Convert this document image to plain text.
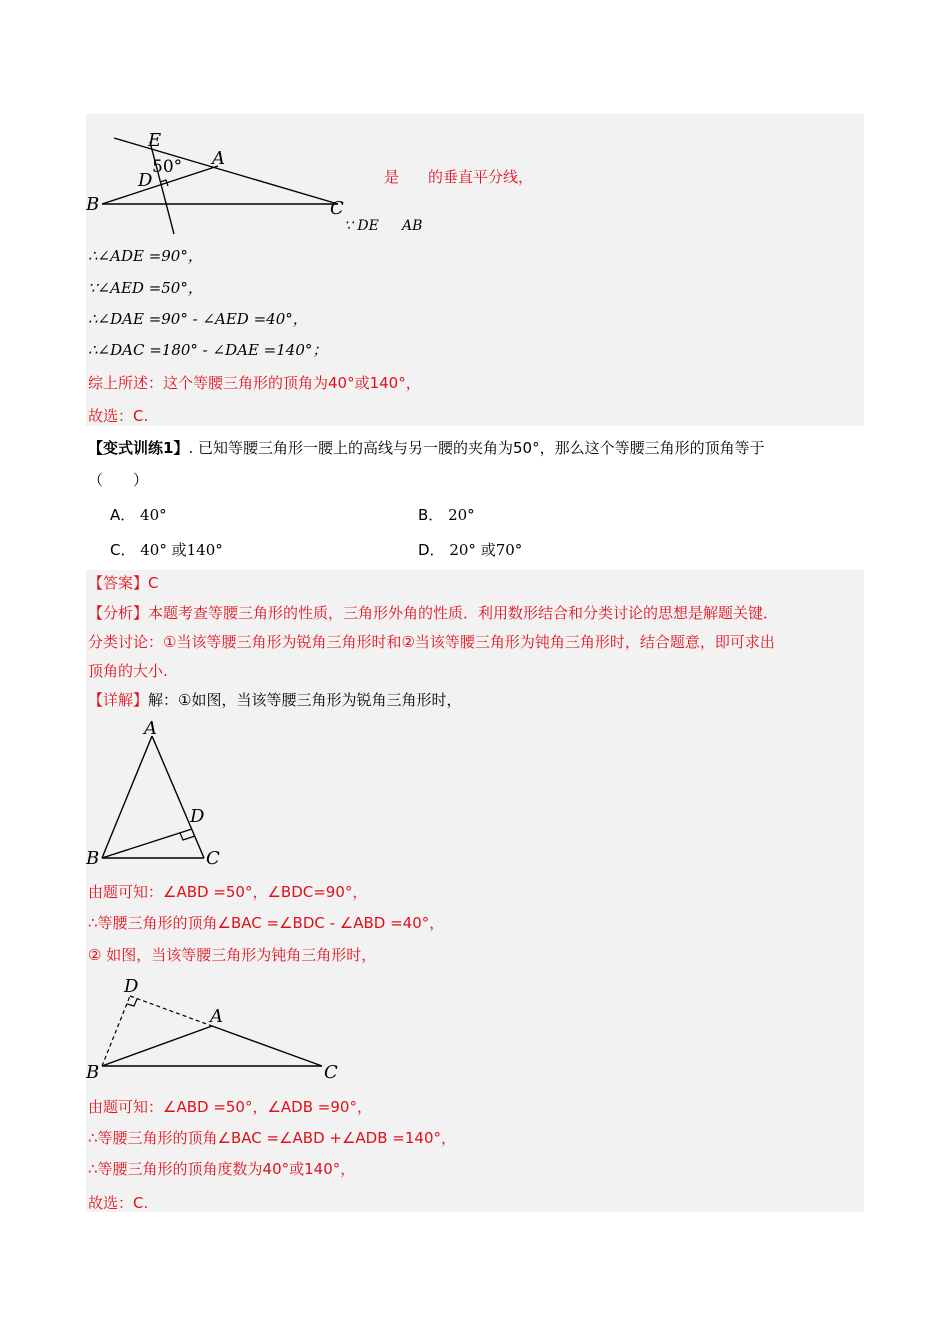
E
50° A
D
B	C
是 的垂直平分线，
∵ DE AB
∴∠ADE =90°，
∵∠AED =50°，
∴∠DAE =90° - ∠AED =40°，
∴∠DAC =180° - ∠DAE =140°；
综上所述：这个等腰三角形的顶角为40°或140°，
故选：C.
【变式训练1】. 已知等腰三角形一腰上的高线与另一腰的夹角为50°，那么这个等腰三角形的顶角等于
（　　）
A． 40°	B． 20°
C． 40° 或140°	D． 20° 或70°
【答案】C
【分析】本题考查等腰三角形的性质，三角形外角的性质．利用数形结合和分类讨论的思想是解题关键．
分类讨论：①当该等腰三角形为锐角三角形时和②当该等腰三角形为钝角三角形时，结合题意，即可求出
顶角的大小.
【详解】解：①如图，当该等腰三角形为锐角三角形时，
A
D
B	C
由题可知：∠ABD =50°，∠BDC=90°，
∴等腰三角形的顶角∠BAC =∠BDC - ∠ABD =40°，
② 如图，当该等腰三角形为钝角三角形时，
D
A
B	C
由题可知：∠ABD =50°，∠ADB =90°，
∴等腰三角形的顶角∠BAC =∠ABD +∠ADB =140°，
∴等腰三角形的顶角度数为40°或140°，
故选：C.
